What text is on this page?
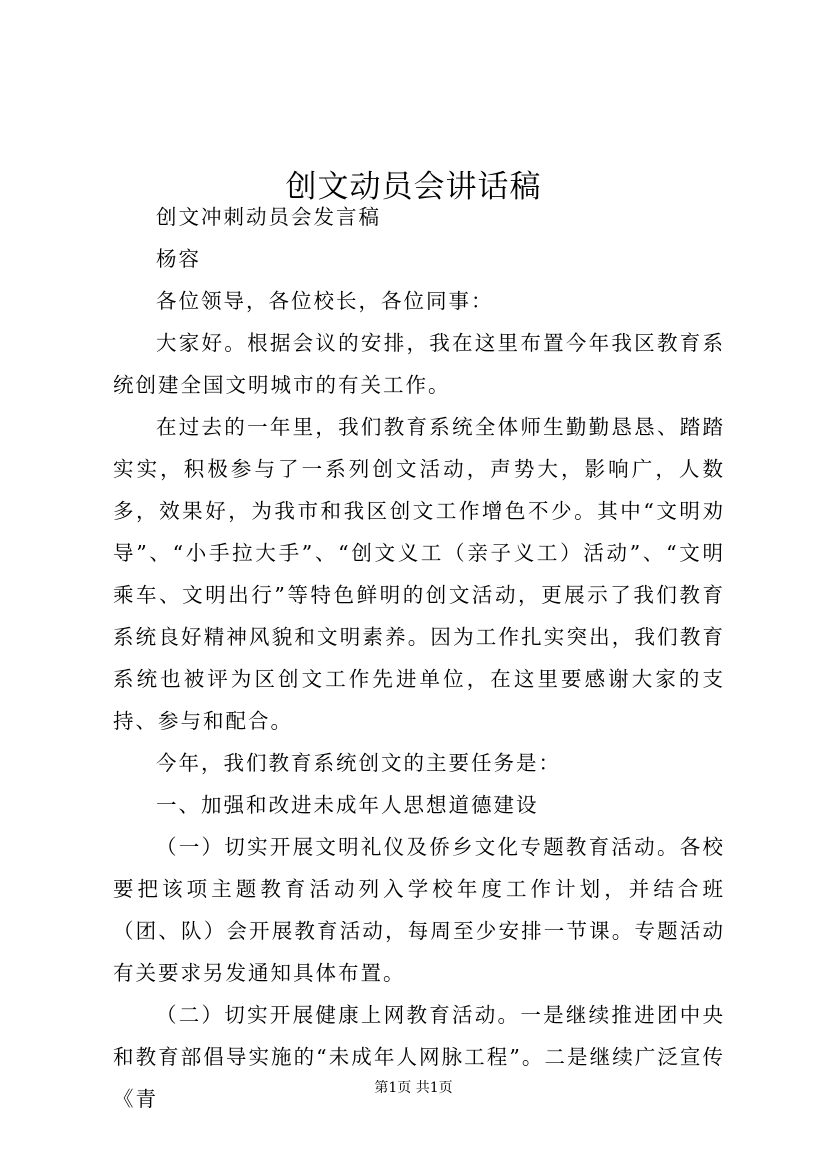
创文动员会讲话稿

创文冲刺动员会发言稿

杨容

各位领导，各位校长，各位同事：

大家好。根据会议的安排，我在这里布置今年我区教育系统创建全国文明城市的有关工作。

在过去的一年里，我们教育系统全体师生勤勤恳恳、踏踏实实，积极参与了一系列创文活动，声势大，影响广，人数多，效果好，为我市和我区创文工作增色不少。其中“文明劝导”、“小手拉大手”、“创文义工（亲子义工）活动”、“文明乘车、文明出行”等特色鲜明的创文活动，更展示了我们教育系统良好精神风貌和文明素养。因为工作扎实突出，我们教育系统也被评为区创文工作先进单位，在这里要感谢大家的支持、参与和配合。

今年，我们教育系统创文的主要任务是：

一、加强和改进未成年人思想道德建设

（一）切实开展文明礼仪及侨乡文化专题教育活动。各校要把该项主题教育活动列入学校年度工作计划，并结合班（团、队）会开展教育活动，每周至少安排一节课。专题活动有关要求另发通知具体布置。

（二）切实开展健康上网教育活动。一是继续推进团中央和教育部倡导实施的“未成年人网脉工程”。二是继续广泛宣传《青	第1页 共1页
